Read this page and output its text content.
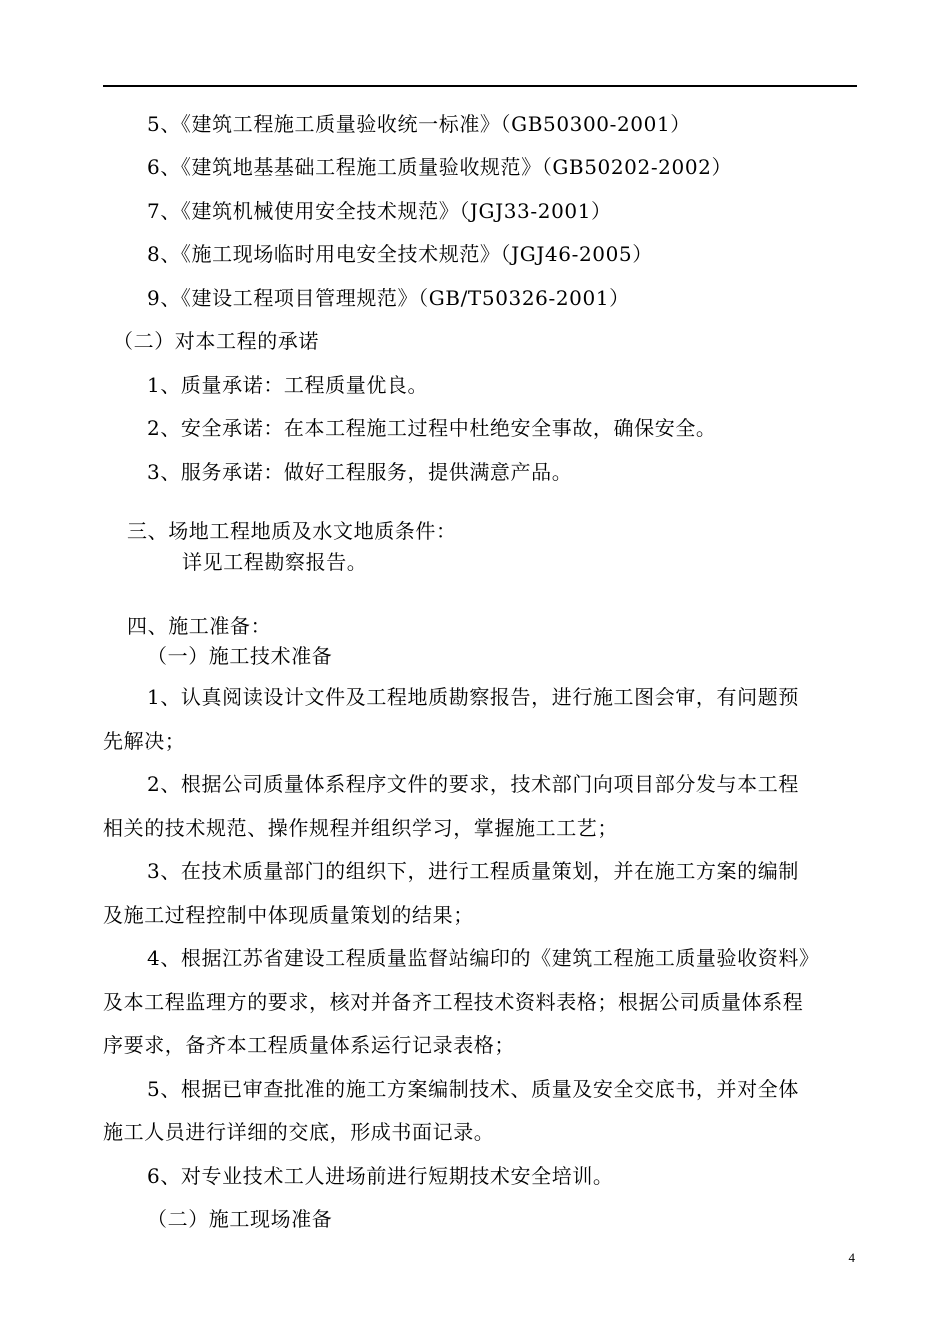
5、《建筑工程施工质量验收统一标准》（GB50300-2001）
6、《建筑地基基础工程施工质量验收规范》（GB50202-2002）
7、《建筑机械使用安全技术规范》（JGJ33-2001）
8、《施工现场临时用电安全技术规范》（JGJ46-2005）
9、《建设工程项目管理规范》（GB/T50326-2001）
（二）对本工程的承诺
1、质量承诺：工程质量优良。
2、安全承诺：在本工程施工过程中杜绝安全事故，确保安全。
3、服务承诺：做好工程服务，提供满意产品。
三、场地工程地质及水文地质条件：
详见工程勘察报告。
四、施工准备：
（一）施工技术准备
1、认真阅读设计文件及工程地质勘察报告，进行施工图会审，有问题预
先解决；
2、根据公司质量体系程序文件的要求，技术部门向项目部分发与本工程
相关的技术规范、操作规程并组织学习，掌握施工工艺；
3、在技术质量部门的组织下，进行工程质量策划，并在施工方案的编制
及施工过程控制中体现质量策划的结果；
4、根据江苏省建设工程质量监督站编印的《建筑工程施工质量验收资料》
及本工程监理方的要求，核对并备齐工程技术资料表格；根据公司质量体系程
序要求，备齐本工程质量体系运行记录表格；
5、根据已审查批准的施工方案编制技术、质量及安全交底书，并对全体
施工人员进行详细的交底，形成书面记录。
6、对专业技术工人进场前进行短期技术安全培训。
（二）施工现场准备
4
